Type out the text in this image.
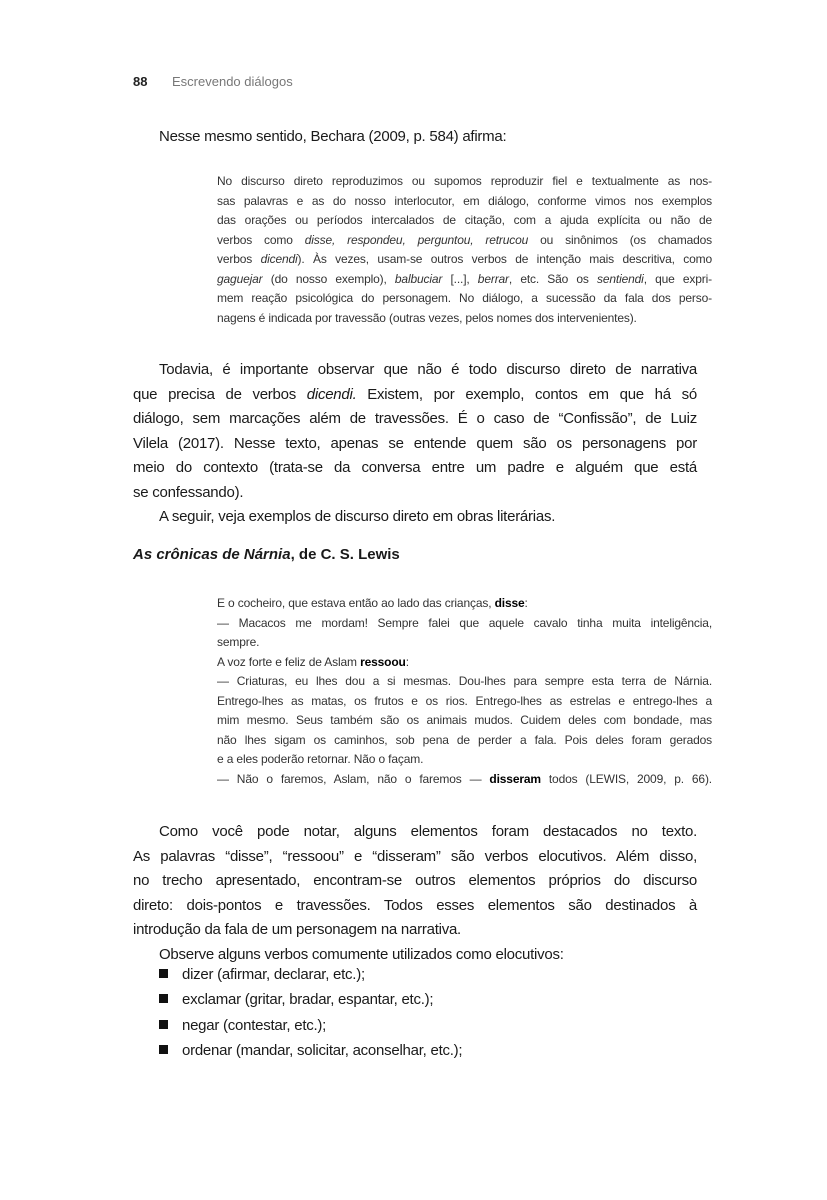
88 Escrevendo diálogos
Nesse mesmo sentido, Bechara (2009, p. 584) afirma:
No discurso direto reproduzimos ou supomos reproduzir fiel e textualmente as nos-
sas palavras e as do nosso interlocutor, em diálogo, conforme vimos nos exemplos
das orações ou períodos intercalados de citação, com a ajuda explícita ou não de
verbos como disse, respondeu, perguntou, retrucou ou sinônimos (os chamados
verbos dicendi). Às vezes, usam-se outros verbos de intenção mais descritiva, como
gaguejar (do nosso exemplo), balbuciar [...], berrar, etc. São os sentiendi, que expri-
mem reação psicológica do personagem. No diálogo, a sucessão da fala dos perso-
nagens é indicada por travessão (outras vezes, pelos nomes dos intervenientes).
Todavia, é importante observar que não é todo discurso direto de narrativa
que precisa de verbos dicendi. Existem, por exemplo, contos em que há só
diálogo, sem marcações além de travessões. É o caso de “Confissão”, de Luiz
Vilela (2017). Nesse texto, apenas se entende quem são os personagens por
meio do contexto (trata-se da conversa entre um padre e alguém que está
se confessando).
A seguir, veja exemplos de discurso direto em obras literárias.
E o cocheiro, que estava então ao lado das crianças, disse:
— Macacos me mordam! Sempre falei que aquele cavalo tinha muita inteligência,
sempre.
A voz forte e feliz de Aslam ressoou:
— Criaturas, eu lhes dou a si mesmas. Dou-lhes para sempre esta terra de Nárnia.
Entrego-lhes as matas, os frutos e os rios. Entrego-lhes as estrelas e entrego-lhes a
mim mesmo. Seus também são os animais mudos. Cuidem deles com bondade, mas
não lhes sigam os caminhos, sob pena de perder a fala. Pois deles foram gerados
e a eles poderão retornar. Não o façam.
— Não o faremos, Aslam, não o faremos — disseram todos (LEWIS, 2009, p. 66).
Como você pode notar, alguns elementos foram destacados no texto.
As palavras “disse”, “ressoou” e “disseram” são verbos elocutivos. Além disso,
no trecho apresentado, encontram-se outros elementos próprios do discurso
direto: dois-pontos e travessões. Todos esses elementos são destinados à
introdução da fala de um personagem na narrativa.
Observe alguns verbos comumente utilizados como elocutivos:
As crônicas de Nárnia, de C. S. Lewis
dizer (afirmar, declarar, etc.);
exclamar (gritar, bradar, espantar, etc.);
negar (contestar, etc.);
ordenar (mandar, solicitar, aconselhar, etc.);
